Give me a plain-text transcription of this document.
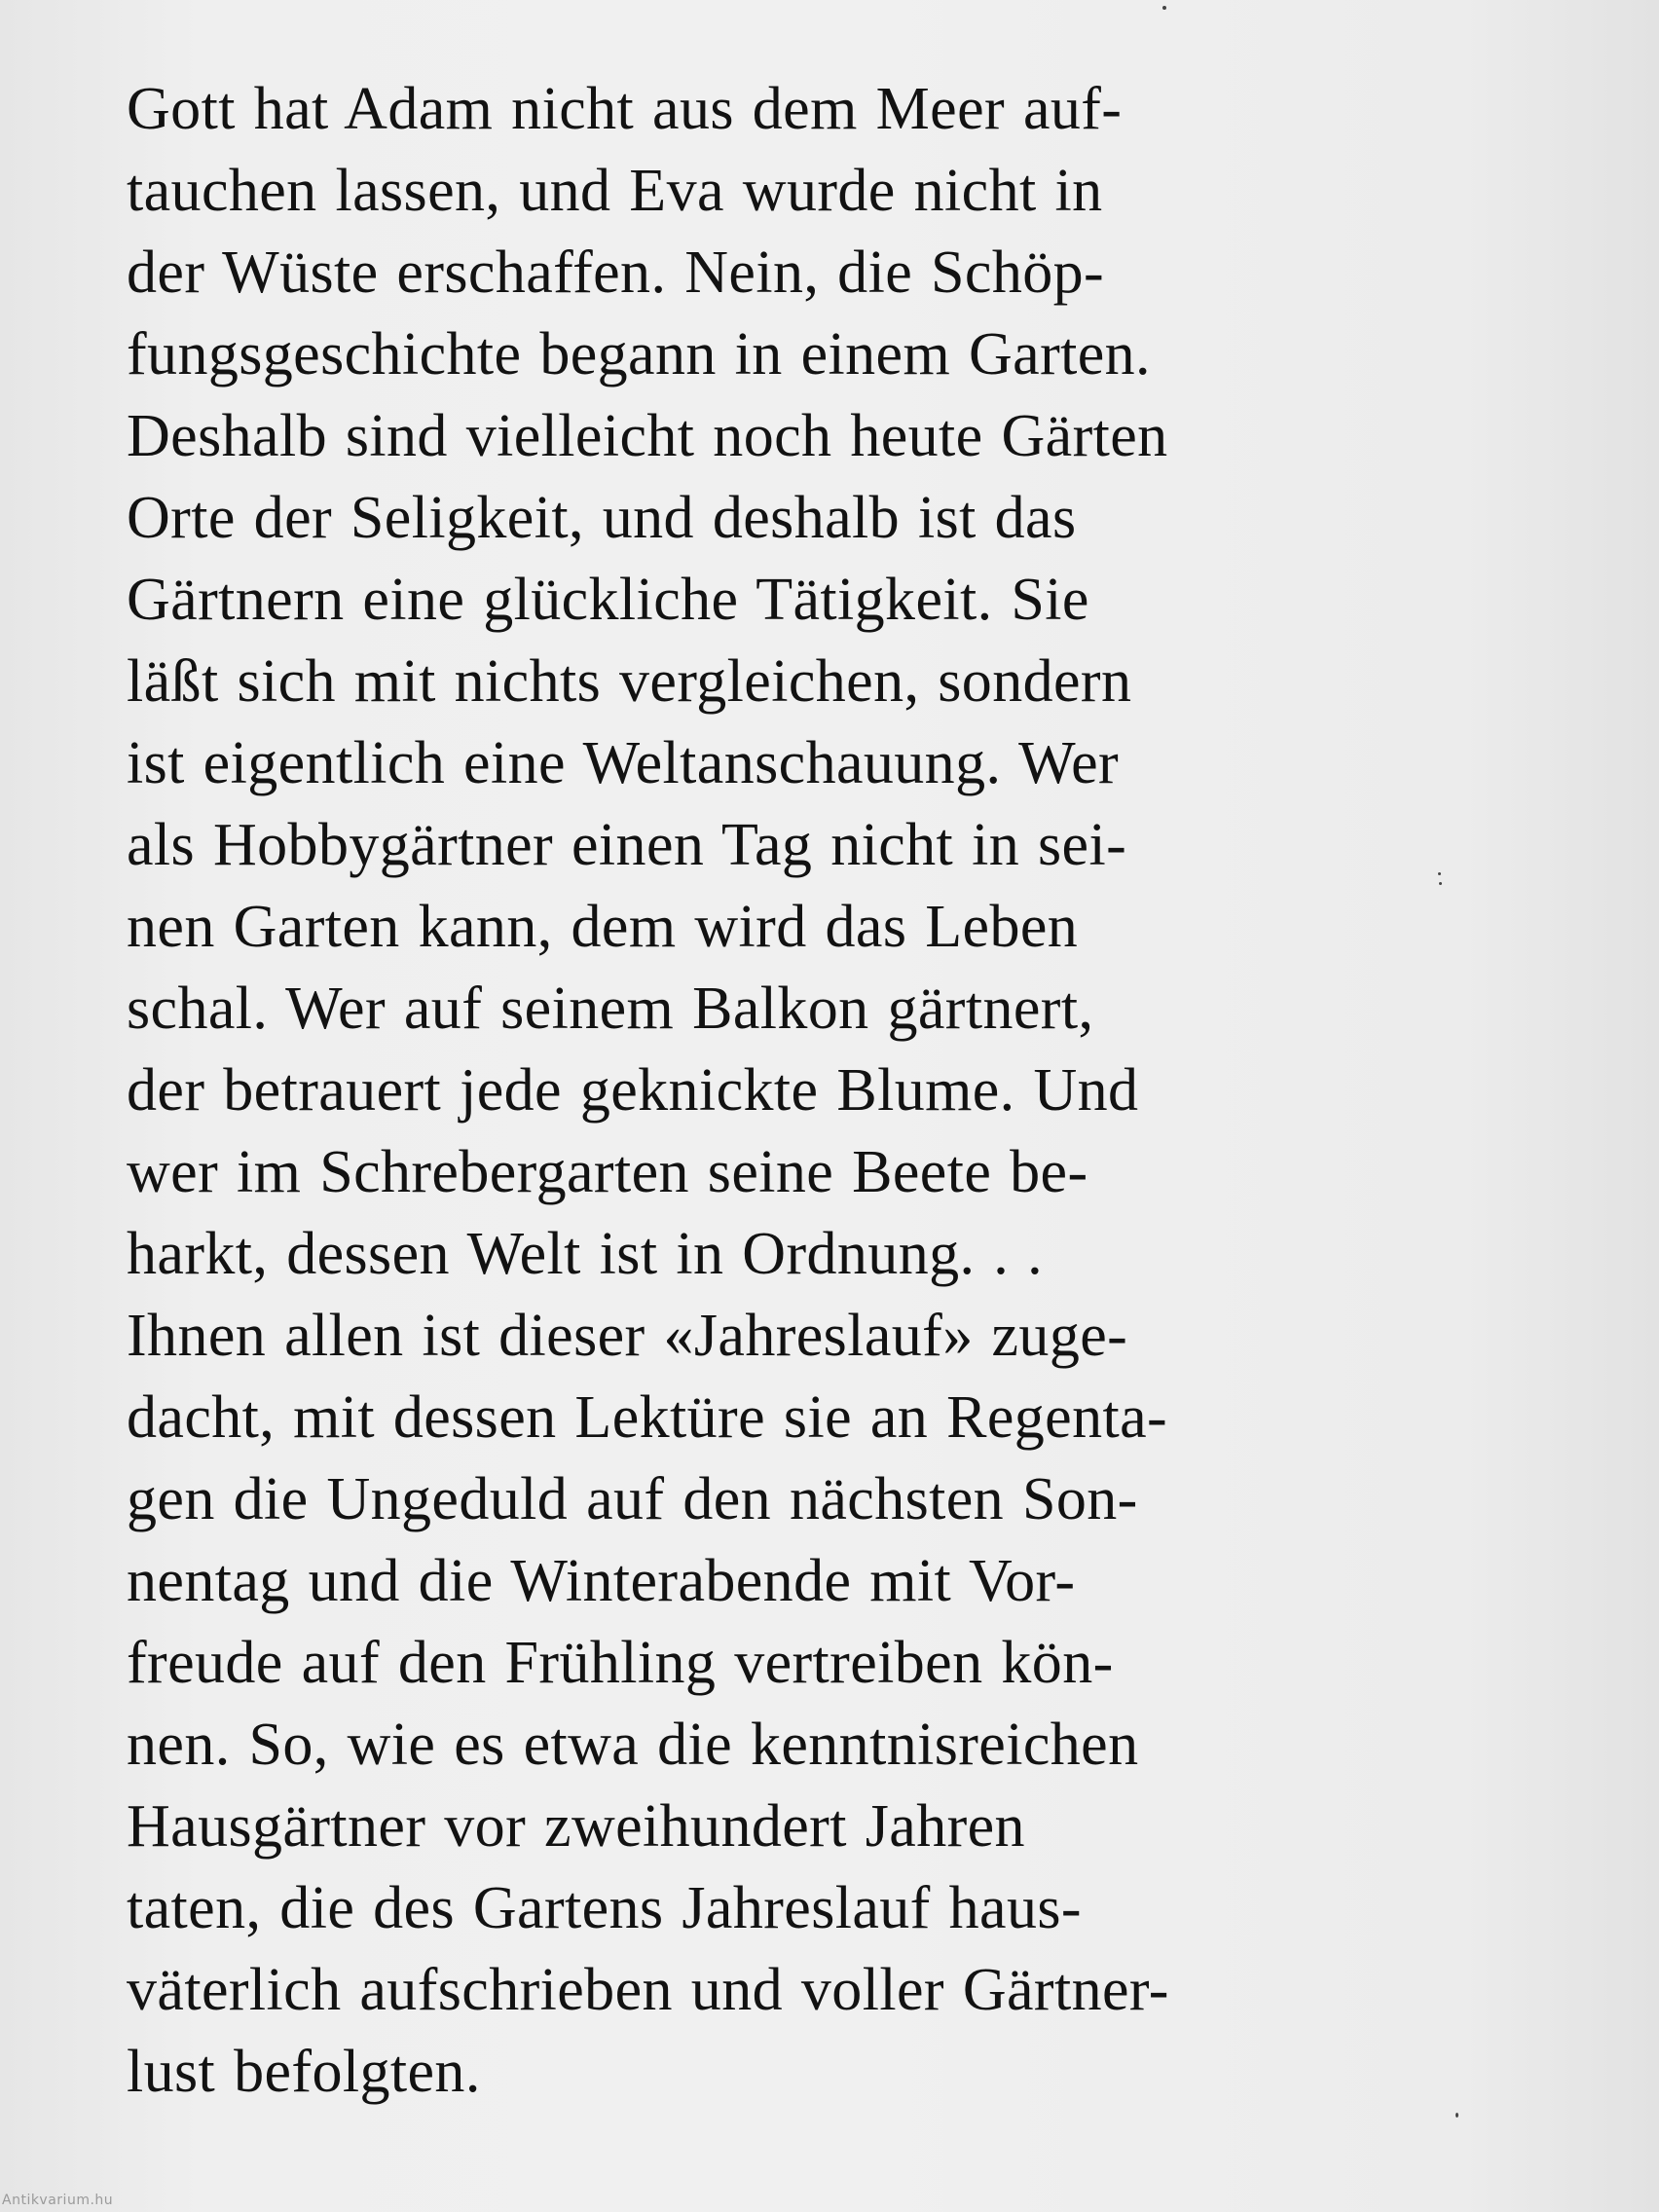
Gott hat Adam nicht aus dem Meer auf-
tauchen lassen, und Eva wurde nicht in
der Wüste erschaffen. Nein, die Schöp-
fungsgeschichte begann in einem Garten.
Deshalb sind vielleicht noch heute Gärten
Orte der Seligkeit, und deshalb ist das
Gärtnern eine glückliche Tätigkeit. Sie
läßt sich mit nichts vergleichen, sondern
ist eigentlich eine Weltanschauung. Wer
als Hobbygärtner einen Tag nicht in sei-
nen Garten kann, dem wird das Leben
schal. Wer auf seinem Balkon gärtnert,
der betrauert jede geknickte Blume. Und
wer im Schrebergarten seine Beete be-
harkt, dessen Welt ist in Ordnung. . .
Ihnen allen ist dieser «Jahreslauf» zuge-
dacht, mit dessen Lektüre sie an Regenta-
gen die Ungeduld auf den nächsten Son-
nentag und die Winterabende mit Vor-
freude auf den Frühling vertreiben kön-
nen. So, wie es etwa die kenntnisreichen
Hausgärtner vor zweihundert Jahren
taten, die des Gartens Jahreslauf haus-
väterlich aufschrieben und voller Gärtner-
lust befolgten.
Antikvarium.hu
